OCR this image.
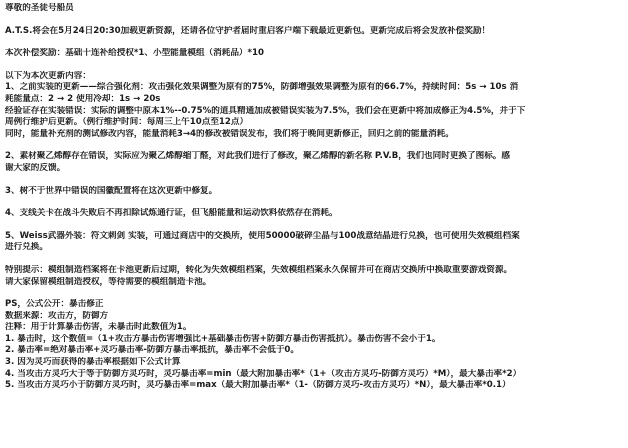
尊敬的圣徒号船员
A.T.S.将会在5月24日20:30加载更新资源，还请各位守护者届时重启客户端下载最近更新包。更新完成后将会发放补偿奖励！
本次补偿奖励：基础十连补给授权*1、小型能量模组（消耗品）*10
以下为本次更新内容：
1、之前实装的更新——综合强化剂：攻击强化效果调整为原有的75%，防御增强效果调整为原有的66.7%，持续时间：5s → 10s 消
耗能量点：2 → 2 使用冷却：1s → 20s
经验证存在实装错误：实际的调整中原本1%--0.75%的道具精通加成被错误实装为7.5%，我们会在更新中将加成修正为4.5%，并于下
周例行维护后更新。（例行维护时间：每周三上午10点至12点）
同时，能量补充剂的测试修改内容，能量消耗3→4的修改被错误发布，我们将于晚间更新修正，回归之前的能量消耗。
2、素材聚乙烯醇存在错误，实际应为聚乙烯醇缩丁醛，对此我们进行了修改，聚乙烯醇的新名称 P.V.B，我们也同时更换了图标。感
谢大家的反馈。
3、树不于世界中错误的国徽配置将在这次更新中修复。
4、支线关卡在战斗失败后不再扣除试炼通行证，但飞船能量和运动饮料依然存在消耗。
5、Weiss武器外装：符文刺剑 实装，可通过商店中的交换所，使用50000破碎尘晶与100战意结晶进行兑换，也可使用失效模组档案
进行兑换。
特别提示：模组制造档案将在卡池更新后过期，转化为失效模组档案，失效模组档案永久保留并可在商店交换所中换取重要游戏资源。
请大家保留模组制造授权，等待需要的模组制造卡池。
PS，公式公开：暴击修正
数据来源：攻击方，防御方
注释：用于计算暴击伤害，未暴击时此数值为1。
1. 暴击时，这个数值=（1+攻击方暴击伤害增强比+基础暴击伤害+防御方暴击伤害抵抗）。暴击伤害不会小于1。
2. 暴击率=绝对暴击率+灵巧暴击率-防御方暴击率抵抗，暴击率不会低于0。
3. 因为灵巧而获得的暴击率根据如下公式计算
4. 当攻击方灵巧大于等于防御方灵巧时，灵巧暴击率=min（最大附加暴击率*（1+（攻击方灵巧-防御方灵巧）*M），最大暴击率*2）
5. 当攻击方灵巧小于防御方灵巧时，灵巧暴击率=max（最大附加暴击率*（1-（防御方灵巧-攻击方灵巧）*N），最大暴击率*0.1）
